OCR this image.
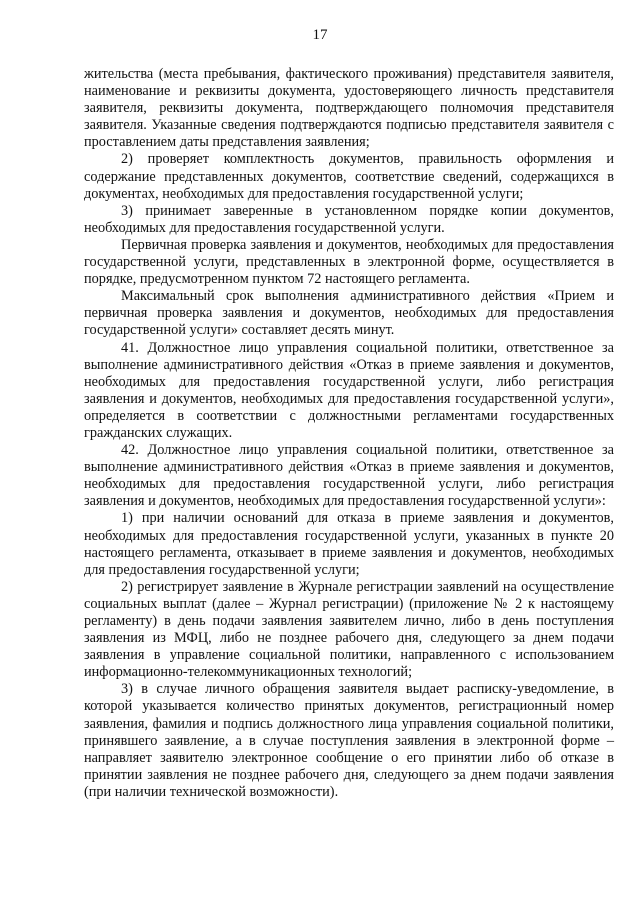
17

жительства (места пребывания, фактического проживания) представителя заявителя, наименование и реквизиты документа, удостоверяющего личность представителя заявителя, реквизиты документа, подтверждающего полномочия представителя заявителя. Указанные сведения подтверждаются подписью представителя заявителя с проставлением даты представления заявления;

2) проверяет комплектность документов, правильность оформления и содержание представленных документов, соответствие сведений, содержащихся в документах, необходимых для предоставления государственной услуги;

3) принимает заверенные в установленном порядке копии документов, необходимых для предоставления государственной услуги.

Первичная проверка заявления и документов, необходимых для предоставления государственной услуги, представленных в электронной форме, осуществляется в порядке, предусмотренном пунктом 72 настоящего регламента.

Максимальный срок выполнения административного действия «Прием и первичная проверка заявления и документов, необходимых для предоставления государственной услуги» составляет десять минут.

41. Должностное лицо управления социальной политики, ответственное за выполнение административного действия «Отказ в приеме заявления и документов, необходимых для предоставления государственной услуги, либо регистрация заявления и документов, необходимых для предоставления государственной услуги», определяется в соответствии с должностными регламентами государственных гражданских служащих.

42. Должностное лицо управления социальной политики, ответственное за выполнение административного действия «Отказ в приеме заявления и документов, необходимых для предоставления государственной услуги, либо регистрация заявления и документов, необходимых для предоставления государственной услуги»:

1) при наличии оснований для отказа в приеме заявления и документов, необходимых для предоставления государственной услуги, указанных в пункте 20 настоящего регламента, отказывает в приеме заявления и документов, необходимых для предоставления государственной услуги;

2) регистрирует заявление в Журнале регистрации заявлений на осуществление социальных выплат (далее – Журнал регистрации) (приложение № 2 к настоящему регламенту) в день подачи заявления заявителем лично, либо в день поступления заявления из МФЦ, либо не позднее рабочего дня, следующего за днем подачи заявления в управление социальной политики, направленного с использованием информационно-телекоммуникационных технологий;

3) в случае личного обращения заявителя выдает расписку-уведомление, в которой указывается количество принятых документов, регистрационный номер заявления, фамилия и подпись должностного лица управления социальной политики, принявшего заявление, а в случае поступления заявления в электронной форме – направляет заявителю электронное сообщение о его принятии либо об отказе в принятии заявления не позднее рабочего дня, следующего за днем подачи заявления (при наличии технической возможности).
